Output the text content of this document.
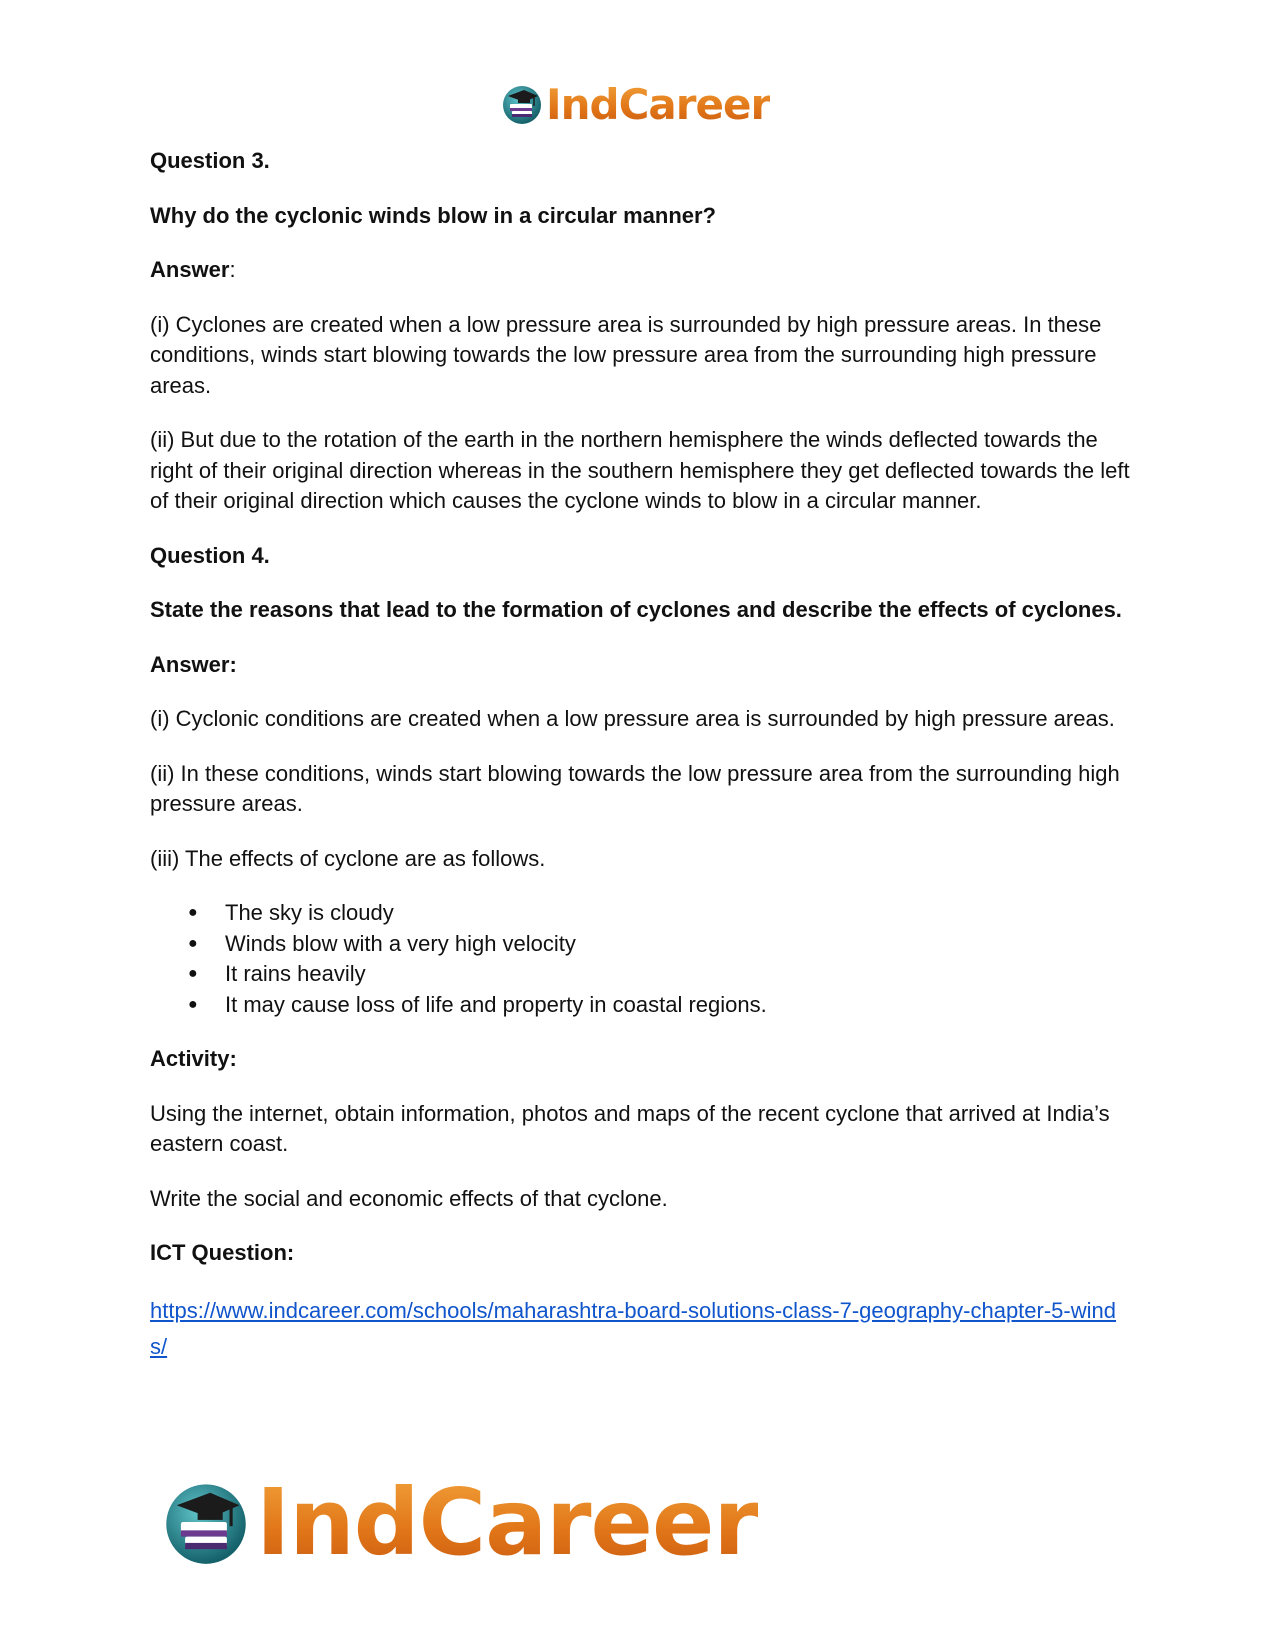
IndCareer

Question 3.

Why do the cyclonic winds blow in a circular manner?

Answer:

(i) Cyclones are created when a low pressure area is surrounded by high pressure areas. In these conditions, winds start blowing towards the low pressure area from the surrounding high pressure areas.

(ii) But due to the rotation of the earth in the northern hemisphere the winds deflected towards the right of their original direction whereas in the southern hemisphere they get deflected towards the left of their original direction which causes the cyclone winds to blow in a circular manner.

Question 4.

State the reasons that lead to the formation of cyclones and describe the effects of cyclones.

Answer:

(i) Cyclonic conditions are created when a low pressure area is surrounded by high pressure areas.

(ii) In these conditions, winds start blowing towards the low pressure area from the surrounding high pressure areas.

(iii) The effects of cyclone are as follows.

● The sky is cloudy
● Winds blow with a very high velocity
● It rains heavily
● It may cause loss of life and property in coastal regions.

Activity:

Using the internet, obtain information, photos and maps of the recent cyclone that arrived at India’s eastern coast.

Write the social and economic effects of that cyclone.

ICT Question:

https://www.indcareer.com/schools/maharashtra-board-solutions-class-7-geography-chapter-5-winds/
IndCareer
